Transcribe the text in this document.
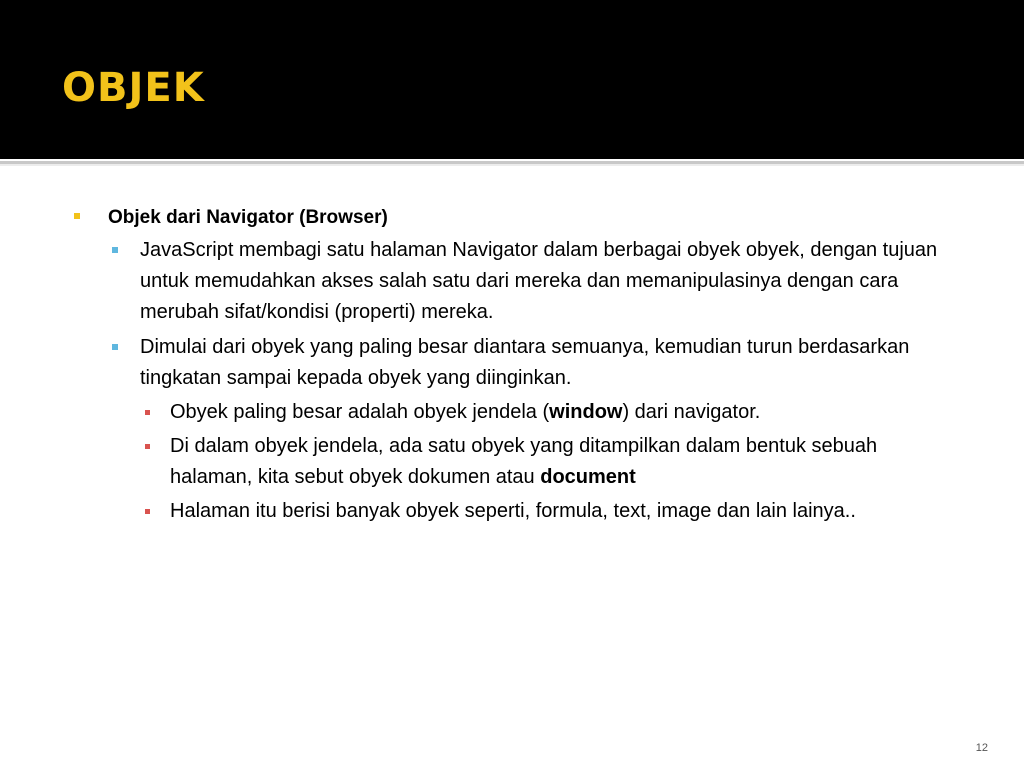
OBJEK
Objek dari Navigator (Browser)
JavaScript membagi satu halaman Navigator dalam berbagai obyek obyek, dengan tujuan untuk memudahkan akses salah satu dari mereka dan memanipulasinya dengan cara merubah sifat/kondisi (properti) mereka.
Dimulai dari obyek yang paling besar diantara semuanya, kemudian turun berdasarkan tingkatan sampai kepada obyek yang diinginkan.
Obyek paling besar adalah obyek jendela (window) dari navigator.
Di dalam obyek jendela, ada satu obyek yang ditampilkan dalam bentuk sebuah halaman, kita sebut obyek dokumen atau document
Halaman itu berisi banyak obyek seperti, formula, text, image dan lain lainya..
12
